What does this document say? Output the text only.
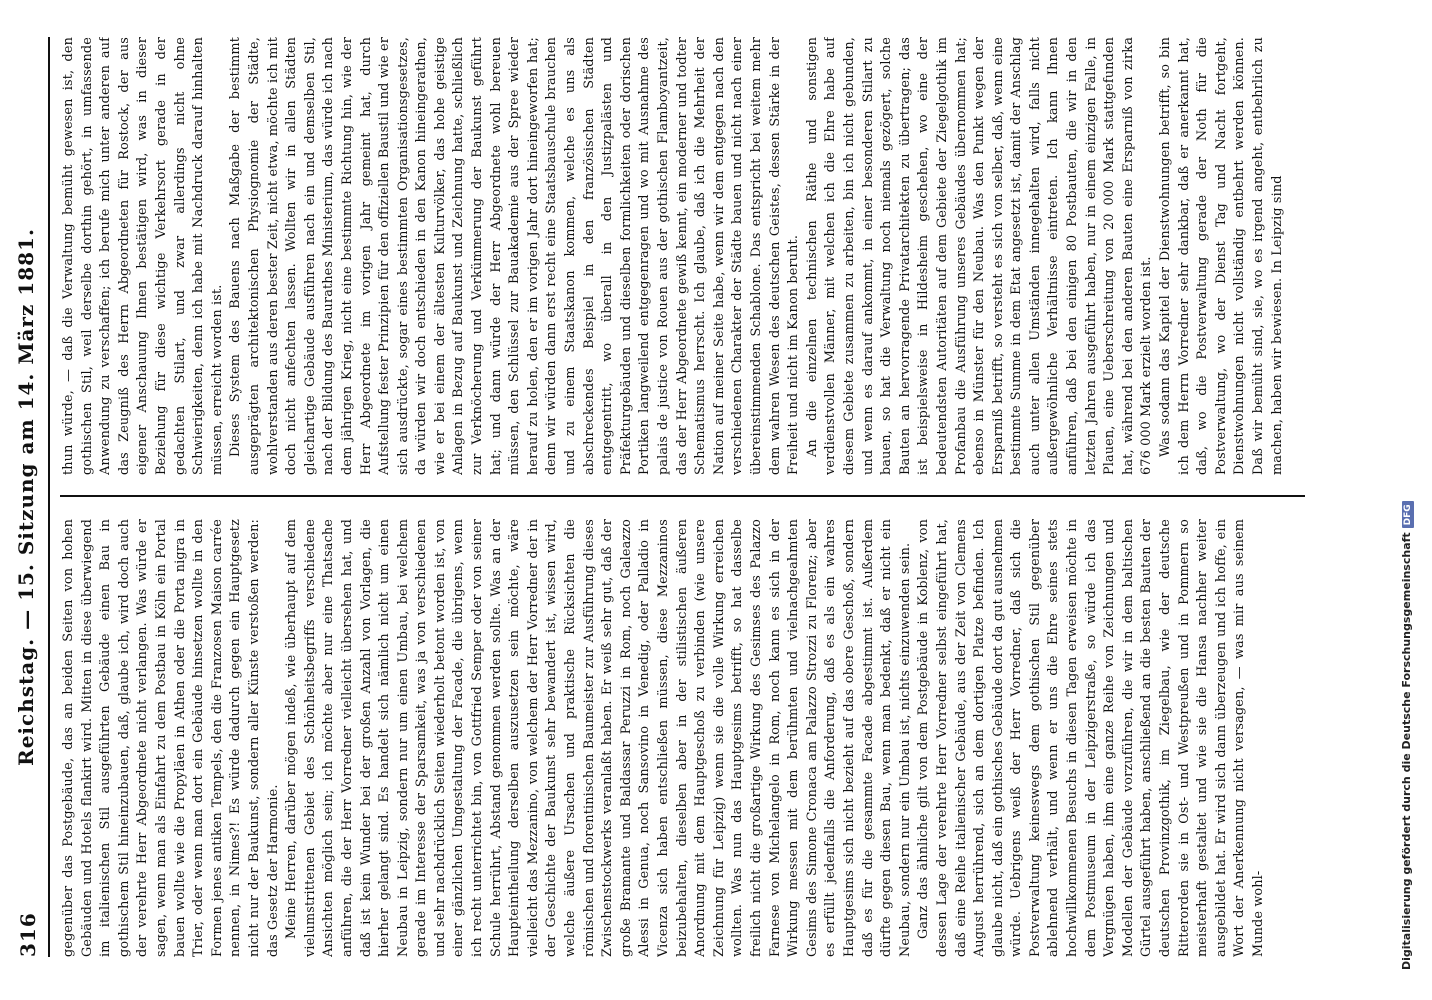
316
Reichstag. — 15. Sitzung am 14. März 1881. gegenüber das Postgebäude, das an beiden Seiten von hohen Gebäuden und Hotels flankirt wird. Mitten in diese überwiegend im italienischen Stil ausgeführten Gebäude einen Bau in gothischem Stil hineinzubauen, daß, glaube ich, wird doch auch der verehrte Herr Abgeordnete nicht verlangen. Was würde er sagen, wenn man als Einfahrt zu dem Postbau in Köln ein Portal bauen wollte wie die Propyläen in Athen oder die Porta nigra in Trier, oder wenn man dort ein Gebäude hinsetzen wollte in den Formen jenes antiken Tempels, den die Franzosen Maison carrée nennen, in Nimes?! Es würde dadurch gegen ein Hauptgesetz nicht nur der Baukunst, sondern aller Künste verstoßen werden: das Gesetz der Harmonie. Meine Herren, darüber mögen indeß, wie überhaupt auf dem vielumstrittenen Gebiet des Schönheitsbegriffs verschiedene Ansichten möglich sein; ich möchte aber nur eine Thatsache anführen, die der Herr Vorredner vielleicht übersehen hat, und daß ist kein Wunder bei der großen Anzahl von Vorlagen, die hierher gelangt sind. Es handelt sich nämlich nicht um einen Neubau in Leipzig, sondern nur um einen Umbau, bei welchem gerade im Interesse der Sparsamkeit, was ja von verschiedenen und sehr nachdrücklich Seiten wiederholt betont worden ist, von einer gänzlichen Umgestaltung der Facade, die übrigens, wenn ich recht unterrichtet bin, von Gottfried Semper oder von seiner Schule herrührt, Abstand genommen werden sollte. Was an der Haupteintheilung derselben auszusetzen sein möchte, wäre vielleicht das Mezzanino, von welchem der Herr Vorredner der in der Geschichte der Baukunst sehr bewandert ist, wissen wird, welche äußere Ursachen und praktische Rücksichten die römischen und florentinischen Baumeister zur Ausführung dieses Zwischenstockwerks veranlaßt haben. Er weiß sehr gut, daß der große Bramante und Baldassar Peruzzi in Rom, noch Galeazzo Alessi in Genua, noch Sansovino in Venedig, oder Palladio in Vicenza sich haben entschließen müssen, diese Mezzaninos beizubehalten, dieselben aber in der stilistischen äußeren Anordnung mit dem Hauptgeschoß zu verbinden (wie unsere Zeichnung für Leipzig) wenn sie die volle Wirkung erreichen wollten. Was nun das Hauptgesims betrifft, so hat dasselbe freilich nicht die großartige Wirkung des Gesimses des Palazzo Farnese von Michelangelo in Rom, noch kann es sich in der Wirkung messen mit dem berühmten und vielnachgeahmten Gesims des Simone Cronaca am Palazzo Strozzi zu Florenz; aber es erfüllt jedenfalls die Anforderung, daß es als ein wahres Hauptgesims sich nicht bezieht auf das obere Geschoß, sondern daß es für die gesammte Facade abgestimmt ist. Außerdem dürfte gegen diesen Bau, wenn man bedenkt, daß er nicht ein Neubau, sondern nur ein Umbau ist, nichts einzuwenden sein. Ganz das ähnliche gilt von dem Postgebäude in Koblenz, von dessen Lage der verehrte Herr Vorredner selbst eingeführt hat, daß eine Reihe italienischer Gebäude, aus der Zeit von Clemens August herrührend, sich an dem dortigen Platze befinden. Ich glaube nicht, daß ein gothisches Gebäude dort da gut ausnehmen würde. Uebrigens weiß der Herr Vorredner, daß sich die Postverwaltung keineswegs dem gothischen Stil gegenüber ablehnend verhält, und wenn er uns die Ehre seines stets hochwillkommenen Besuchs in diesen Tagen erweisen möchte in dem Postmuseum in der Leipzigerstraße, so würde ich das Vergnügen haben, ihm eine ganze Reihe von Zeichnungen und Modellen der Gebäude vorzuführen, die wir in dem baltischen Gürtel ausgeführt haben, anschließend an die besten Bauten der deutschen Provinzgothik, im Ziegelbau, wie der deutsche Ritterorden sie in Ost- und Westpreußen und in Pommern so meisterhaft gestaltet und wie sie die Hansa nachher weiter ausgebildet hat. Er wird sich dann überzeugen und ich hoffe, ein Wort der Anerkennung nicht versagen, — was mir aus seinem Munde wohl-

thun würde, — daß die Verwaltung bemüht gewesen ist, den gothischen Stil, weil derselbe dorthin gehört, in umfassende Anwendung zu verschaffen; ich berufe mich unter anderen auf das Zeugniß des Herrn Abgeordneten für Rostock, der aus eigener Anschauung Ihnen bestätigen wird, was in dieser Beziehung für diese wichtige Verkehrsort gerade in der gedachten Stilart, und zwar allerdings nicht ohne Schwierigkeiten, denn ich habe mit Nachdruck darauf hinhalten müssen, erreicht worden ist. Dieses System des Bauens nach Maßgabe der bestimmt ausgeprägten architektonischen Physiognomie der Städte, wohlverstanden aus deren bester Zeit, nicht etwa, möchte ich mit doch nicht anfechten lassen. Wollten wir in allen Städten gleichartige Gebäude ausführen nach ein und demselben Stil, nach der Bildung des Baurathes Ministerium, das würde ich nach dem jährigen Krieg, nicht eine bestimmte Richtung hin, wie der Herr Abgeordnete im vorigen Jahr gemeint hat, durch Aufstellung fester Prinzipien für den offiziellen Baustil und wie er sich ausdrückte, sogar eines bestimmten Organisationsgesetzes, da würden wir doch entschieden in den Kanon hineingerathen, wie er bei einem der ältesten Kulturvölker, das hohe geistige Anlagen in Bezug auf Baukunst und Zeichnung hatte, schließlich zur Verknöcherung und Verkümmerung der Baukunst geführt hat; und dann würde der Herr Abgeordnete wohl bereuen müssen, den Schlüssel zur Bauakademie aus der Spree wieder herauf zu holen, den er im vorigen Jahr dort hineingeworfen hat; denn wir würden dann erst recht eine Staatsbauschule brauchen und zu einem Staatskanon kommen, welche es uns als abschreckendes Beispiel in den französischen Städten entgegentritt, wo überall in den Justizpalästen und Präfekturgebäuden und dieselben formlichkeiten oder dorischen Portiken langweilend entgegenragen und wo mit Ausnahme des palais de justice von Rouen aus der gothischen Flamboyantzeit, das der Herr Abgeordnete gewiß kennt, ein moderner und todter Schematismus herrscht. Ich glaube, daß ich die Mehrheit der Nation auf meiner Seite habe, wenn wir dem entgegen nach den verschiedenen Charakter der Städte bauen und nicht nach einer übereinstimmenden Schablone. Das entspricht bei weitem mehr dem wahren Wesen des deutschen Geistes, dessen Stärke in der Freiheit und nicht im Kanon beruht. An die einzelnen technischen Räthe und sonstigen verdienstvollen Männer, mit welchen ich die Ehre habe auf diesem Gebiete zusammen zu arbeiten, bin ich nicht gebunden, und wenn es darauf ankommt, in einer besonderen Stilart zu bauen, so hat die Verwaltung noch niemals gezögert, solche Bauten an hervorragende Privatarchitekten zu übertragen; das ist beispielsweise in Hildesheim geschehen, wo eine der bedeutendsten Autoritäten auf dem Gebiete der Ziegelgothik im Profanbau die Ausführung unseres Gebäudes übernommen hat; ebenso in Münster für den Neubau. Was den Punkt wegen der Ersparniß betrifft, so versteht es sich von selber, daß, wenn eine bestimmte Summe in dem Etat angesetzt ist, damit der Anschlag auch unter allen Umständen innegehalten wird, falls nicht außergewöhnliche Verhältnisse eintreten. Ich kann Ihnen anführen, daß bei den einigen 80 Postbauten, die wir in den letzten Jahren ausgeführt haben, nur in einem einzigen Falle, in Plauen, eine Ueberschreitung von 20 000 Mark stattgefunden hat, während bei den anderen Bauten eine Ersparniß von zirka 676 000 Mark erzielt worden ist. Was sodann das Kapitel der Dienstwohnungen betrifft, so bin ich dem Herrn Vorredner sehr dankbar, daß er anerkannt hat, daß, wo die Postverwaltung gerade der Noth für die Postverwaltung, wo der Dienst Tag und Nacht fortgeht, Dienstwohnungen nicht vollständig entbehrt werden können. Daß wir bemüht sind, sie, wo es irgend angeht, entbehrlich zu machen, haben wir bewiesen. In Leipzig sind

Digitalisierung gefördert durch die Deutsche ForschungsgemeinschaftDFG
